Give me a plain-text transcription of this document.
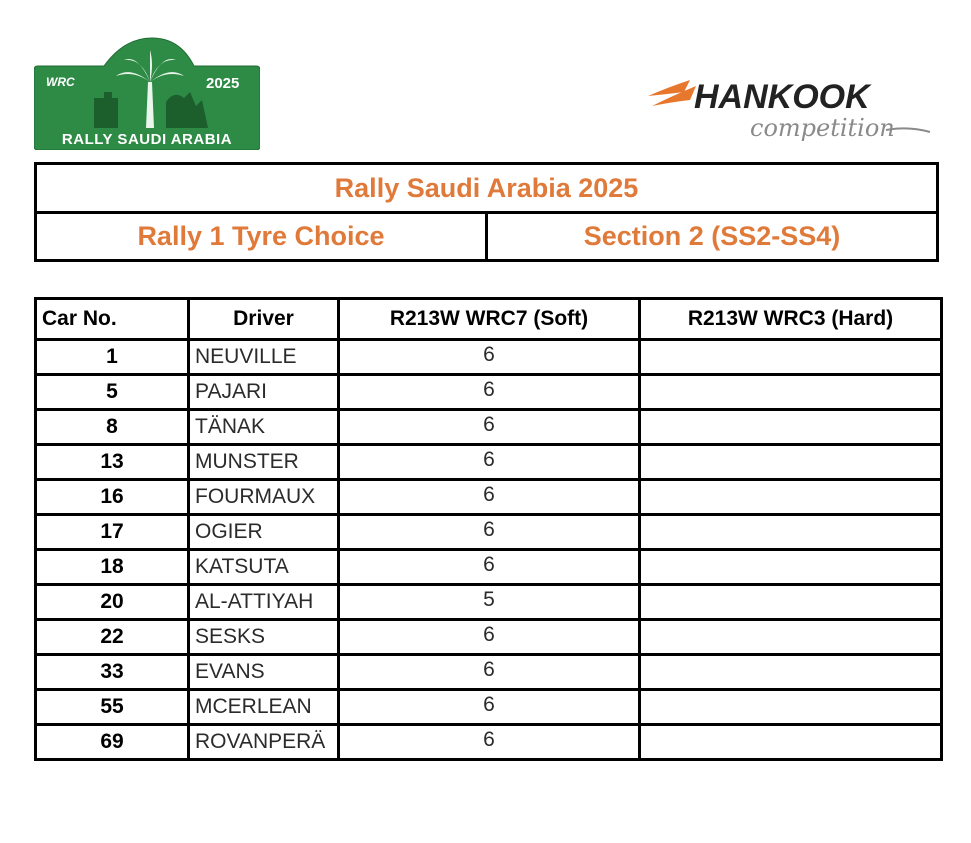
WRC	2025
RALLY SAUDI ARABIA
HANKOOK
competition
Rally Saudi Arabia 2025
Rally 1 Tyre Choice	Section 2 (SS2-SS4)
Car No.	Driver	R213W WRC7 (Soft)	R213W WRC3 (Hard)
1	NEUVILLE	6	
5	PAJARI	6	
8	TÄNAK	6	
13	MUNSTER	6	
16	FOURMAUX	6	
17	OGIER	6	
18	KATSUTA	6	
20	AL-ATTIYAH	5	
22	SESKS	6	
33	EVANS	6	
55	MCERLEAN	6	
69	ROVANPERÄ	6	
